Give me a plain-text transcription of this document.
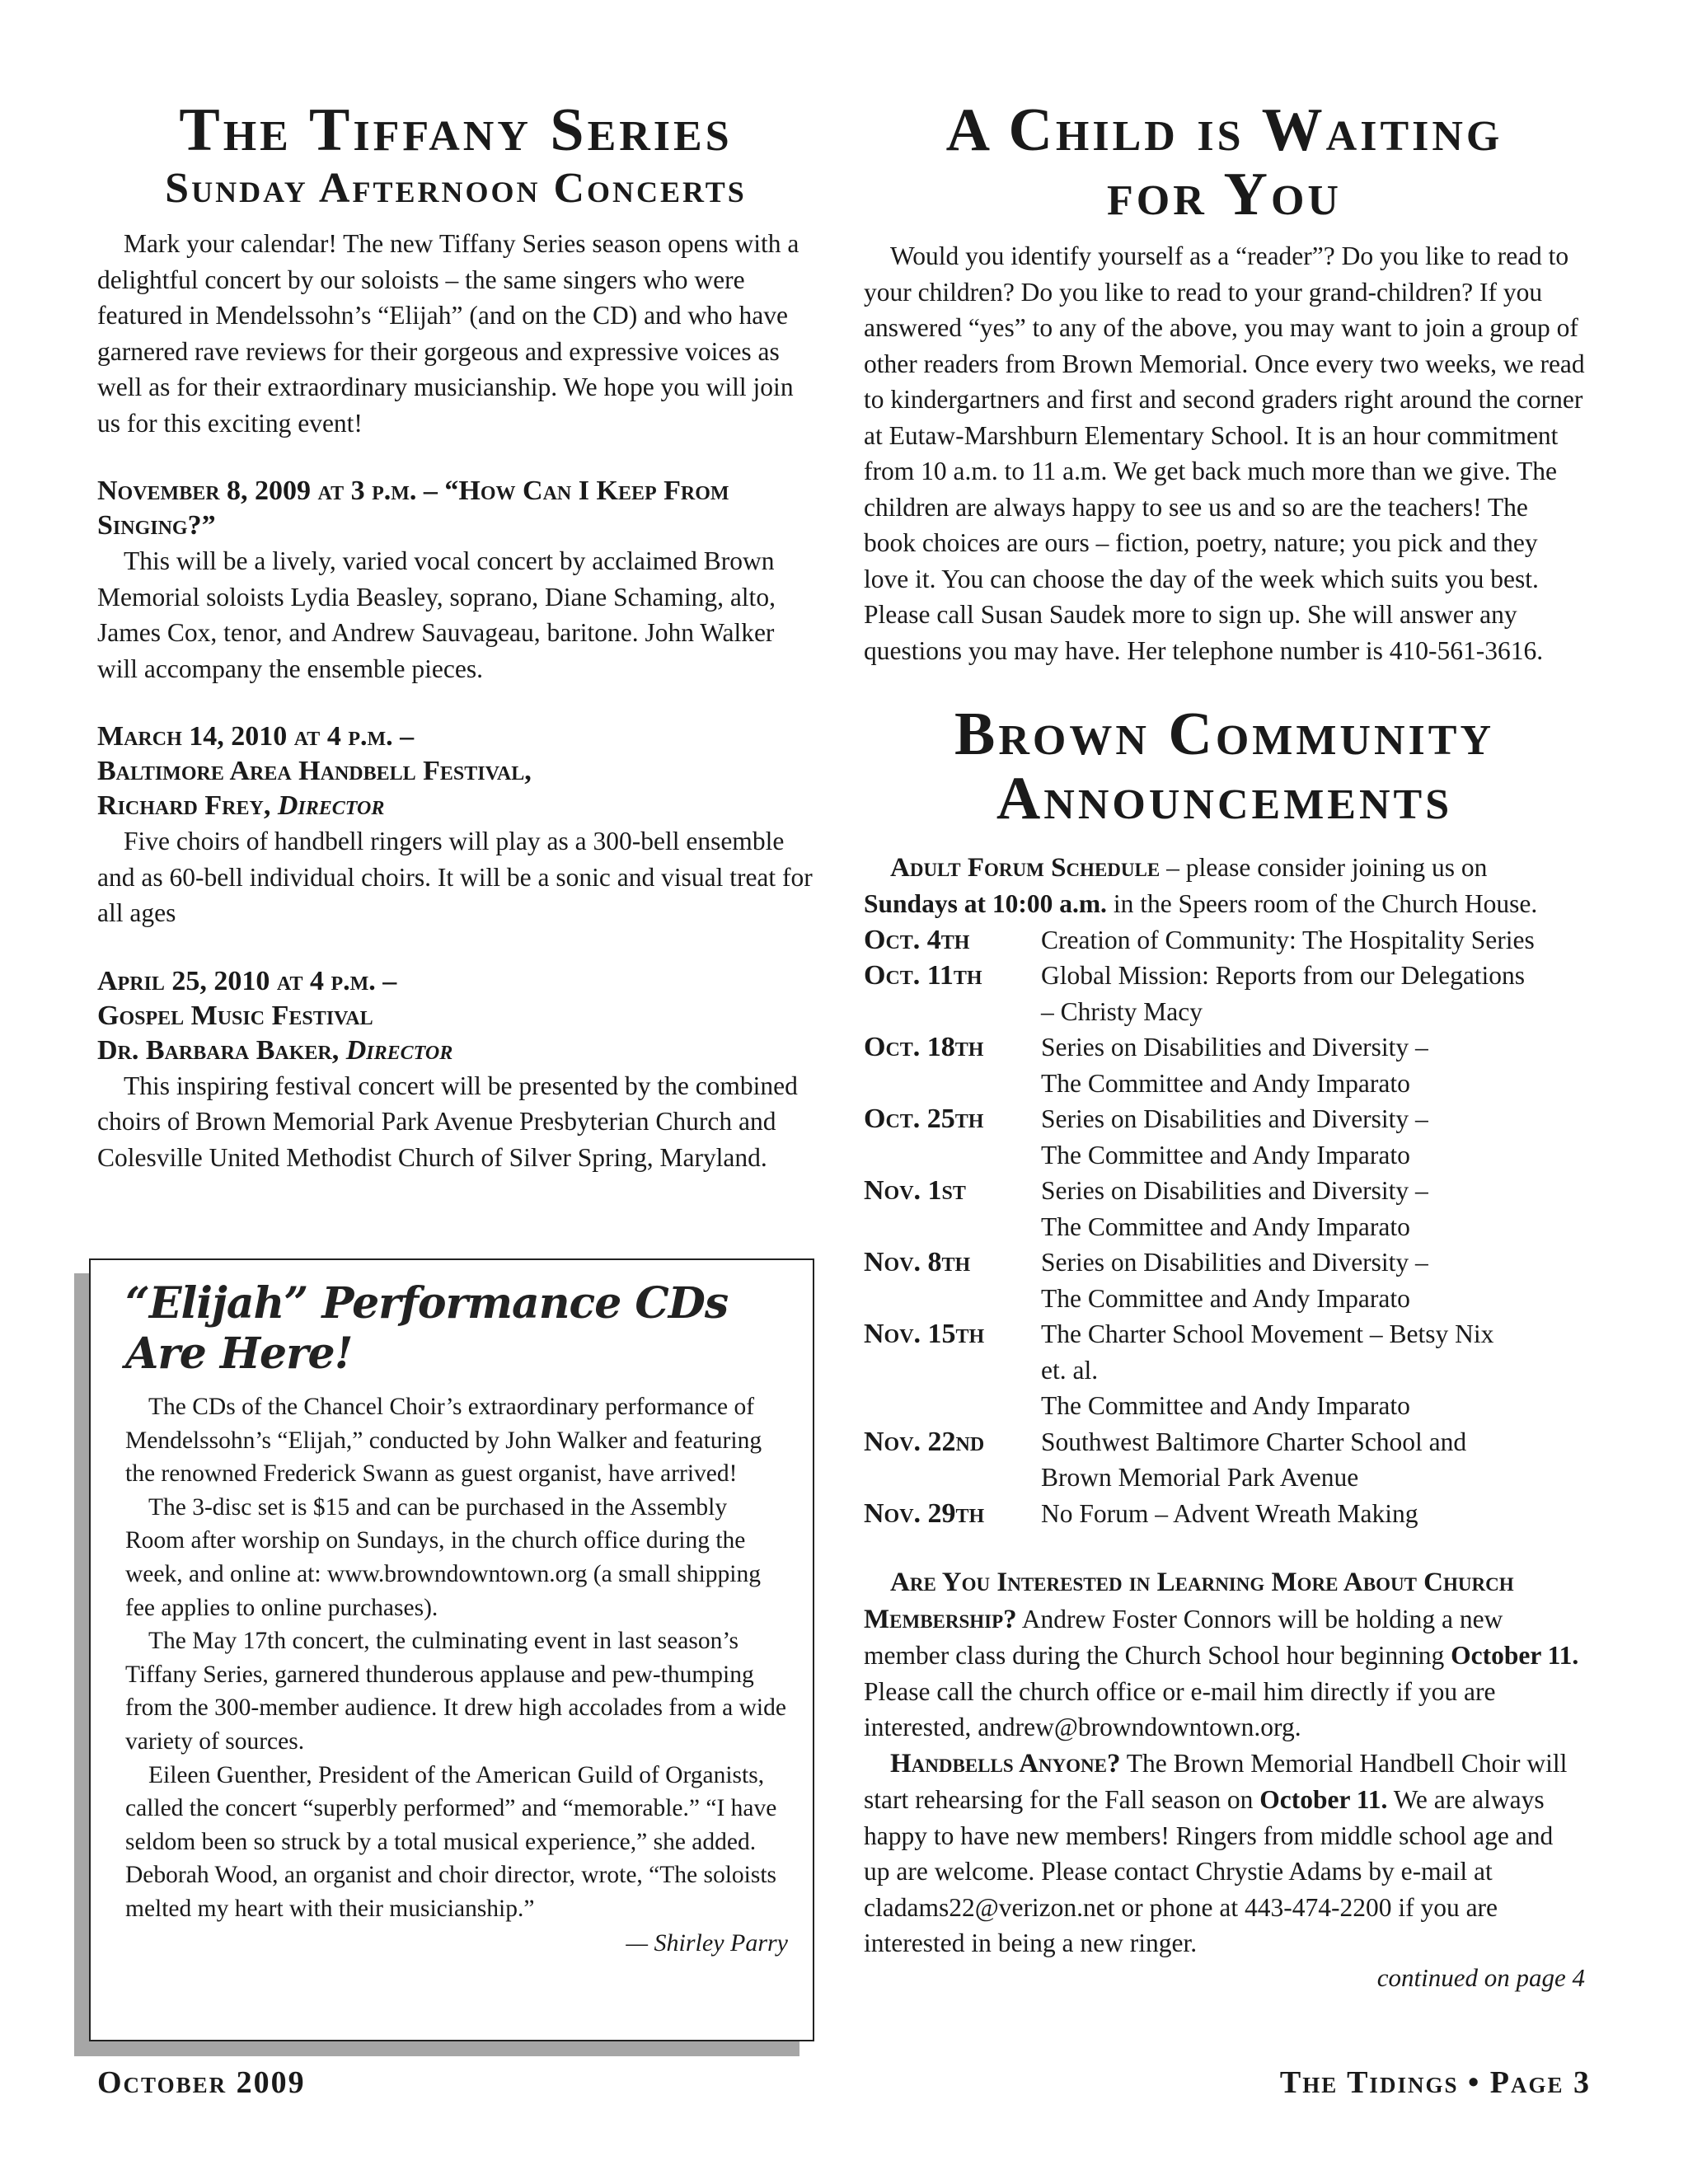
The Tiffany Series
Sunday Afternoon Concerts

Mark your calendar! The new Tiffany Series season opens with a delightful concert by our soloists – the same singers who were featured in Mendelssohn’s “Elijah” (and on the CD) and who have garnered rave reviews for their gorgeous and expressive voices as well as for their extraordinary musicianship. We hope you will join us for this exciting event!

November 8, 2009 at 3 p.m. – “How Can I Keep From Singing?”

This will be a lively, varied vocal concert by acclaimed Brown Memorial soloists Lydia Beasley, soprano, Diane Schaming, alto, James Cox, tenor, and Andrew Sauvageau, baritone. John Walker will accompany the ensemble pieces.

March 14, 2010 at 4 p.m. –

Baltimore Area Handbell Festival,

Richard Frey, Director

Five choirs of handbell ringers will play as a 300-bell ensemble and as 60-bell individual choirs. It will be a sonic and visual treat for all ages

April 25, 2010 at 4 p.m. –

Gospel Music Festival

Dr. Barbara Baker, Director

This inspiring festival concert will be presented by the combined choirs of Brown Memorial Park Avenue Presbyterian Church and Colesville United Methodist Church of Silver Spring, Maryland.

“Elijah” Performance CDs Are Here!

The CDs of the Chancel Choir’s extraordinary performance of Mendelssohn’s “Elijah,” conducted by John Walker and featuring the renowned Frederick Swann as guest organist, have arrived!

The 3-disc set is $15 and can be purchased in the Assembly Room after worship on Sundays, in the church office during the week, and online at: www.browndowntown.org (a small shipping fee applies to online purchases).

The May 17th concert, the culminating event in last season’s Tiffany Series, garnered thunderous applause and pew-thumping from the 300-member audience. It drew high accolades from a wide variety of sources.

Eileen Guenther, President of the American Guild of Organists, called the concert “superbly performed” and “memorable.” “I have seldom been so struck by a total musical experience,” she added. Deborah Wood, an organist and choir director, wrote, “The soloists melted my heart with their musicianship.”

— Shirley Parry
A Child is Waiting
for You

Would you identify yourself as a “reader”? Do you like to read to your children? Do you like to read to your grand-children? If you answered “yes” to any of the above, you may want to join a group of other readers from Brown Memorial. Once every two weeks, we read to kindergartners and first and second graders right around the corner at Eutaw-Marshburn Elementary School. It is an hour commitment from 10 a.m. to 11 a.m. We get back much more than we give. The children are always happy to see us and so are the teachers! The book choices are ours – fiction, poetry, nature; you pick and they love it. You can choose the day of the week which suits you best. Please call Susan Saudek more to sign up. She will answer any questions you may have. Her telephone number is 410-561-3616.

Brown Community
Announcements

Adult Forum Schedule – please consider joining us on Sundays at 10:00 a.m. in the Speers room of the Church House.

Oct. 4th	Creation of Community: The Hospitality Series

Oct. 11th	Global Mission: Reports from our Delegations
– Christy Macy

Oct. 18th	Series on Disabilities and Diversity –
The Committee and Andy Imparato

Oct. 25th	Series on Disabilities and Diversity –
The Committee and Andy Imparato

Nov. 1st	Series on Disabilities and Diversity –
The Committee and Andy Imparato

Nov. 8th	Series on Disabilities and Diversity –
The Committee and Andy Imparato

Nov. 15th	The Charter School Movement – Betsy Nix
et. al.
The Committee and Andy Imparato

Nov. 22nd	Southwest Baltimore Charter School and
Brown Memorial Park Avenue

Nov. 29th	No Forum – Advent Wreath Making

Are You Interested in Learning More About Church Membership? Andrew Foster Connors will be holding a new member class during the Church School hour beginning October 11. Please call the church office or e-mail him directly if you are interested, andrew@browndowntown.org.

Handbells Anyone? The Brown Memorial Handbell Choir will start rehearsing for the Fall season on October 11. We are always happy to have new members! Ringers from middle school age and up are welcome. Please contact Chrystie Adams by e-mail at cladams22@verizon.net or phone at 443-474-2200 if you are interested in being a new ringer.

continued on page 4
October 2009	The Tidings • Page 3
